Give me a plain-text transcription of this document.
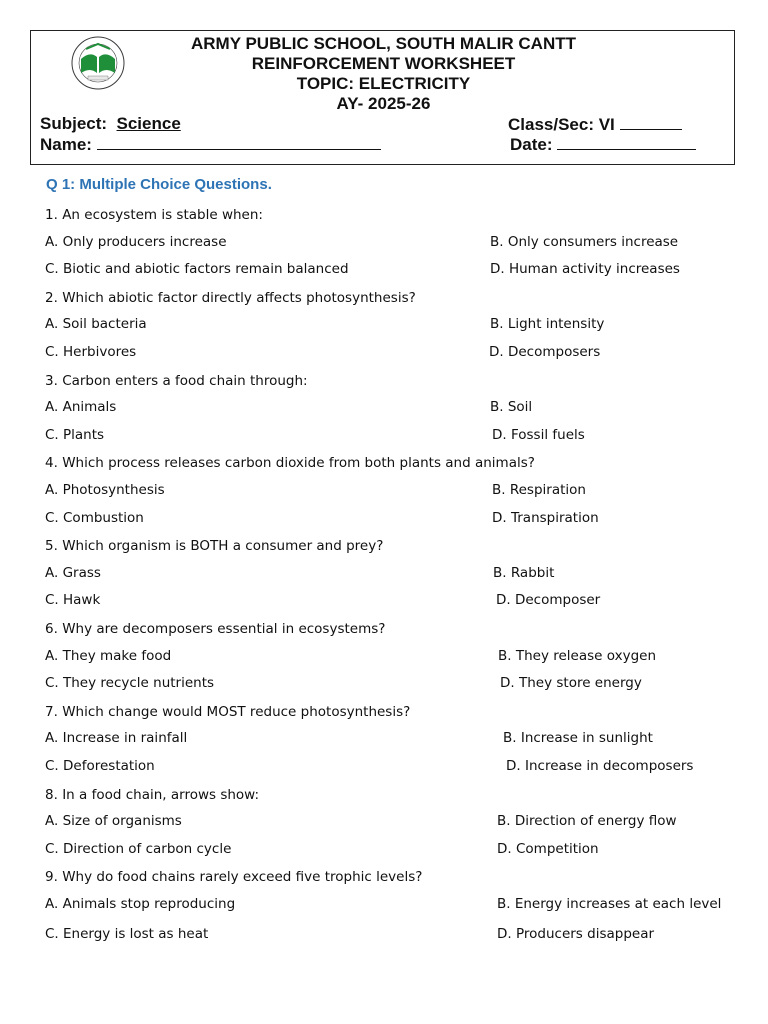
ARMY PUBLIC SCHOOL, SOUTH MALIR CANTT
REINFORCEMENT WORKSHEET
TOPIC: ELECTRICITY
AY- 2025-26
Subject: Science	Class/Sec: VI
Name:	Date:
Q 1: Multiple Choice Questions.
1. An ecosystem is stable when:
A. Only producers increase	B. Only consumers increase
C. Biotic and abiotic factors remain balanced	D. Human activity increases
2. Which abiotic factor directly affects photosynthesis?
A. Soil bacteria	B. Light intensity
C. Herbivores	D. Decomposers
3. Carbon enters a food chain through:
A. Animals	B. Soil
C. Plants	D. Fossil fuels
4. Which process releases carbon dioxide from both plants and animals?
A. Photosynthesis	B. Respiration
C. Combustion	D. Transpiration
5. Which organism is BOTH a consumer and prey?
A. Grass	B. Rabbit
C. Hawk	D. Decomposer
6. Why are decomposers essential in ecosystems?
A. They make food	B. They release oxygen
C. They recycle nutrients	D. They store energy
7. Which change would MOST reduce photosynthesis?
A. Increase in rainfall	B. Increase in sunlight
C. Deforestation	D. Increase in decomposers
8. In a food chain, arrows show:
A. Size of organisms	B. Direction of energy flow
C. Direction of carbon cycle	D. Competition
9. Why do food chains rarely exceed five trophic levels?
A. Animals stop reproducing	B. Energy increases at each level
C. Energy is lost as heat	D. Producers disappear
